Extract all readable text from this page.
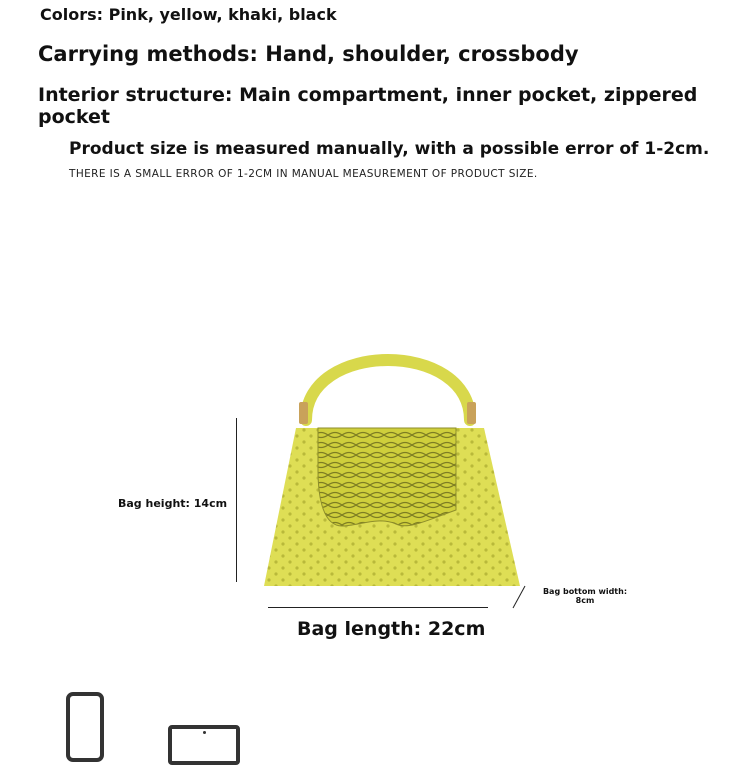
Colors: Pink, yellow, khaki, black
Carrying methods: Hand, shoulder, crossbody
Interior structure: Main compartment, inner pocket, zippered pocket
Product size is measured manually, with a possible error of 1-2cm.
THERE IS A SMALL ERROR OF 1-2CM IN MANUAL MEASUREMENT OF PRODUCT SIZE.
Bag height: 14cm
Bag length: 22cm
Bag bottom width:
8cm
